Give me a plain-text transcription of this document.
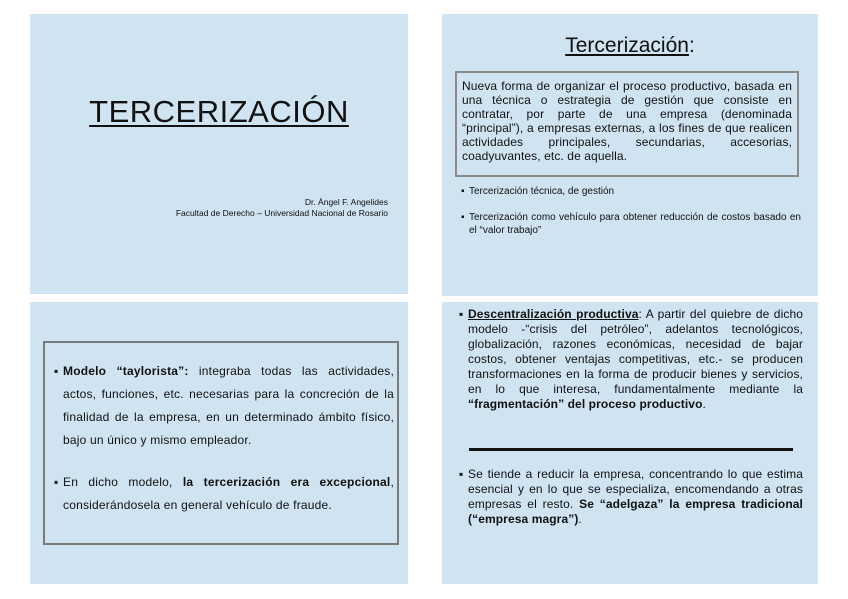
TERCERIZACIÓN
Dr. Ángel F. Angelides
Facultad de Derecho – Universidad Nacional de Rosario
Tercerización:
Nueva forma de organizar el proceso productivo, basada en una técnica o estrategia de gestión que consiste en contratar, por parte de una empresa (denominada “principal”), a empresas externas, a los fines de que realicen actividades principales, secundarias, accesorias, coadyuvantes, etc. de aquella.
▪ Tercerización técnica, de gestión
▪ Tercerización como vehículo para obtener reducción de costos basado en el “valor trabajo”
▪ Modelo “taylorista”: integraba todas las actividades, actos, funciones, etc. necesarias para la concreción de la finalidad de la empresa, en un determinado ámbito físico, bajo un único y mismo empleador.
▪ En dicho modelo, la tercerización era excepcional, considerándosela en general vehículo de fraude.
▪ Descentralización productiva: A partir del quiebre de dicho modelo -“crisis del petróleo”, adelantos tecnológicos, globalización, razones económicas, necesidad de bajar costos, obtener ventajas competitivas, etc.- se producen transformaciones en la forma de producir bienes y servicios, en lo que interesa, fundamentalmente mediante la “fragmentación” del proceso productivo.
▪ Se tiende a reducir la empresa, concentrando lo que estima esencial y en lo que se especializa, encomendando a otras empresas el resto. Se “adelgaza” la empresa tradicional (“empresa magra”).
